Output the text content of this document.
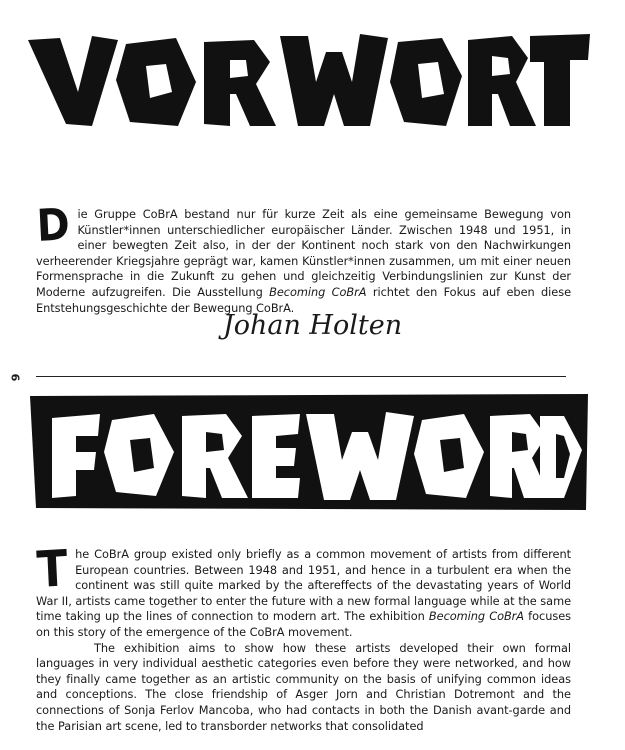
Die Gruppe CoBrA bestand nur für kurze Zeit als eine gemeinsame Bewegung von Künstler*innen unterschiedlicher europäischer Länder. Zwischen 1948 und 1951, in einer bewegten Zeit also, in der der Kontinent noch stark von den Nachwirkungen verheerender Kriegsjahre geprägt war, kamen Künstler*innen zusammen, um mit einer neuen Formensprache in die Zukunft zu gehen und gleichzeitig Verbindungslinien zur Kunst der Moderne aufzugreifen. Die Ausstellung Becoming CoBrA richtet den Fokus auf eben diese Entstehungsgeschichte der Bewegung CoBrA.
Johan Holten
6
The CoBrA group existed only briefly as a common movement of artists from different European countries. Between 1948 and 1951, and hence in a turbulent era when the continent was still quite marked by the aftereffects of the devastating years of World War II, artists came together to enter the future with a new formal language while at the same time taking up the lines of connection to modern art. The exhibition Becoming CoBrA focuses on this story of the emergence of the CoBrA movement.
The exhibition aims to show how these artists developed their own formal languages in very individual aesthetic categories even before they were networked, and how they finally came together as an artistic community on the basis of unifying common ideas and conceptions. The close friendship of Asger Jorn and Christian Dotremont and the connections of Sonja Ferlov Mancoba, who had contacts in both the Danish avant-garde and the Parisian art scene, led to transborder networks that consolidated
